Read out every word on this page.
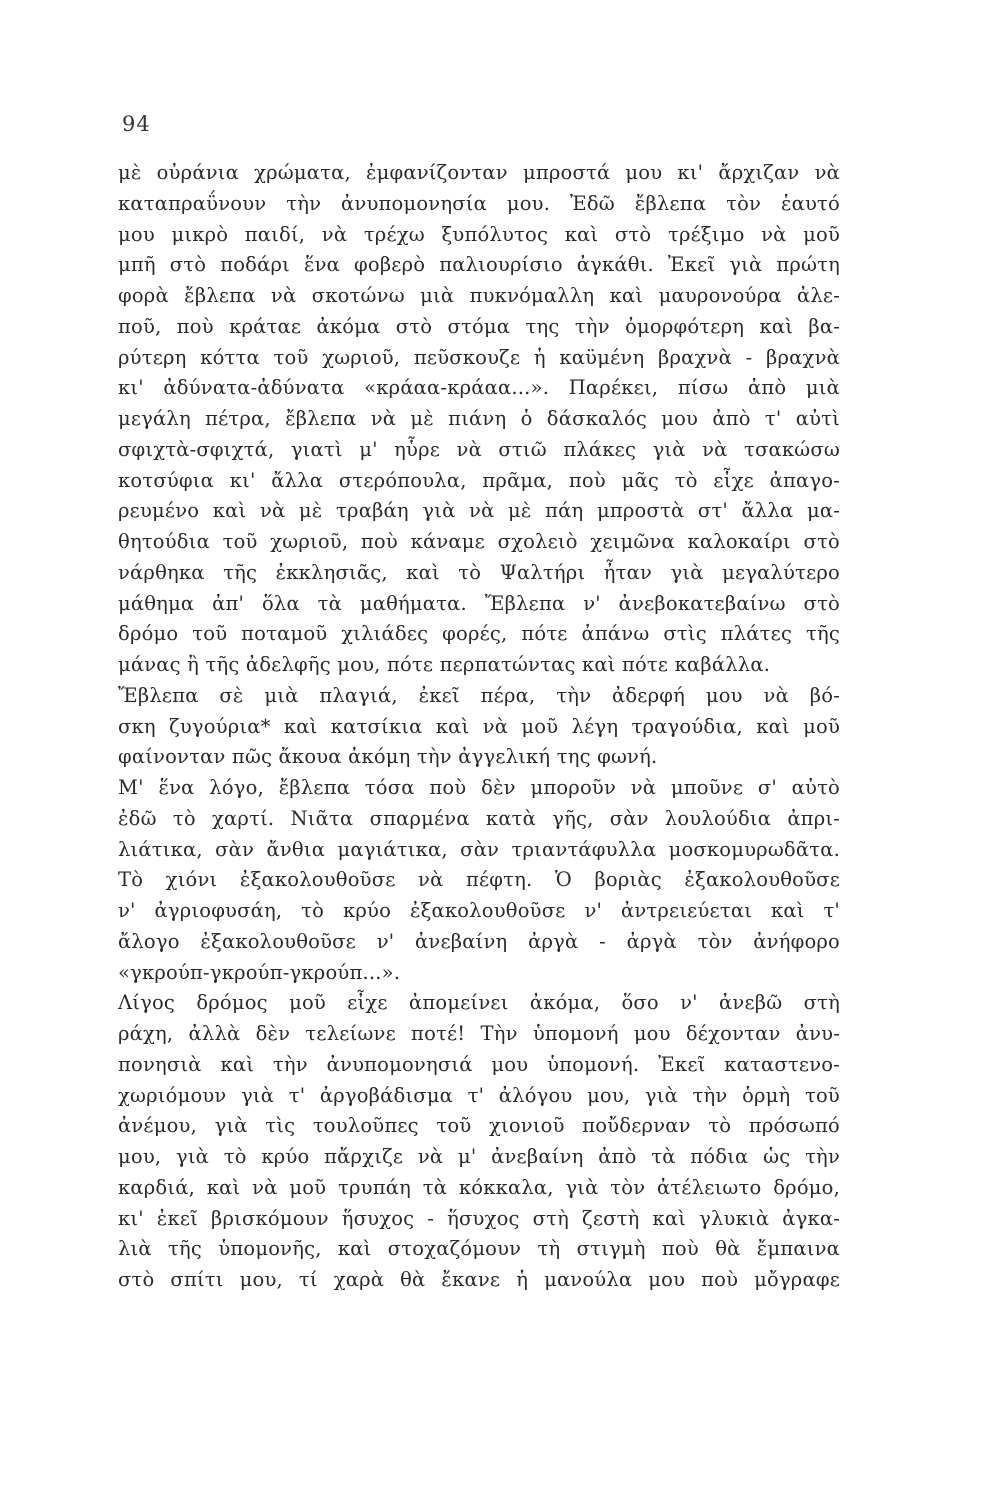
94
μὲ οὐράνια χρώματα, ἐμφανίζονταν μπροστά μου κι' ἄρχιζαν νὰ
καταπραΰνουν τὴν ἀνυπομονησία μου. Ἐδῶ ἔβλεπα τὸν ἑαυτό
μου μικρὸ παιδί, νὰ τρέχω ξυπόλυτος καὶ στὸ τρέξιμο νὰ μοῦ
μπῆ στὸ ποδάρι ἕνα φοβερὸ παλιουρίσιο ἀγκάθι. Ἐκεῖ γιὰ πρώτη
φορὰ ἔβλεπα νὰ σκοτώνω μιὰ πυκνόμαλλη καὶ μαυρονούρα ἀλε-
ποῦ, ποὺ κράταε ἀκόμα στὸ στόμα της τὴν ὀμορφότερη καὶ βα-
ρύτερη κόττα τοῦ χωριοῦ, πεῦσκουζε ἡ καϋμένη βραχνὰ - βραχνὰ
κι' ἀδύνατα-ἀδύνατα «κράαα-κράαα...». Παρέκει, πίσω ἀπὸ μιὰ
μεγάλη πέτρα, ἔβλεπα νὰ μὲ πιάνη ὁ δάσκαλός μου ἀπὸ τ' αὐτὶ
σφιχτὰ-σφιχτά, γιατὶ μ' ηὗρε νὰ στιῶ πλάκες γιὰ νὰ τσακώσω
κοτσύφια κι' ἄλλα στερόπουλα, πρᾶμα, ποὺ μᾶς τὸ εἶχε ἀπαγο-
ρευμένο καὶ νὰ μὲ τραβάη γιὰ νὰ μὲ πάη μπροστὰ στ' ἄλλα μα-
θητούδια τοῦ χωριοῦ, ποὺ κάναμε σχολειὸ χειμῶνα καλοκαίρι στὸ
νάρθηκα τῆς ἐκκλησιᾶς, καὶ τὸ Ψαλτήρι ἦταν γιὰ μεγαλύτερο
μάθημα ἀπ' ὅλα τὰ μαθήματα. Ἔβλεπα ν' ἀνεβοκατεβαίνω στὸ
δρόμο τοῦ ποταμοῦ χιλιάδες φορές, πότε ἀπάνω στὶς πλάτες τῆς
μάνας ἢ τῆς ἀδελφῆς μου, πότε περπατώντας καὶ πότε καβάλλα.
Ἔβλεπα σὲ μιὰ πλαγιά, ἐκεῖ πέρα, τὴν ἀδερφή μου νὰ βό-
σκη ζυγούρια* καὶ κατσίκια καὶ νὰ μοῦ λέγη τραγούδια, καὶ μοῦ
φαίνονταν πῶς ἄκουα ἀκόμη τὴν ἀγγελική της φωνή.
Μ' ἕνα λόγο, ἔβλεπα τόσα ποὺ δὲν μποροῦν νὰ μποῦνε σ' αὐτὸ
ἐδῶ τὸ χαρτί. Νιᾶτα σπαρμένα κατὰ γῆς, σὰν λουλούδια ἀπρι-
λιάτικα, σὰν ἄνθια μαγιάτικα, σὰν τριαντάφυλλα μοσκομυρωδᾶτα.
Τὸ χιόνι ἐξακολουθοῦσε νὰ πέφτη. Ὁ βοριὰς ἐξακολουθοῦσε
ν' ἀγριοφυσάη, τὸ κρύο ἐξακολουθοῦσε ν' ἀντρειεύεται καὶ τ'
ἄλογο ἐξακολουθοῦσε ν' ἀνεβαίνη ἀργὰ - ἀργὰ τὸν ἀνήφορο
«γκρούπ-γκρούπ-γκρούπ...».
Λίγος δρόμος μοῦ εἶχε ἀπομείνει ἀκόμα, ὅσο ν' ἀνεβῶ στὴ
ράχη, ἀλλὰ δὲν τελείωνε ποτέ! Τὴν ὑπομονή μου δέχονταν ἀνυ-
πονησιὰ καὶ τὴν ἀνυπομονησιά μου ὑπομονή. Ἐκεῖ καταστενο-
χωριόμουν γιὰ τ' ἀργοβάδισμα τ' ἀλόγου μου, γιὰ τὴν ὁρμὴ τοῦ
ἀνέμου, γιὰ τὶς τουλοῦπες τοῦ χιονιοῦ ποὔδερναν τὸ πρόσωπό
μου, γιὰ τὸ κρύο πἄρχιζε νὰ μ' ἀνεβαίνη ἀπὸ τὰ πόδια ὡς τὴν
καρδιά, καὶ νὰ μοῦ τρυπάη τὰ κόκκαλα, γιὰ τὸν ἀτέλειωτο δρόμο,
κι' ἐκεῖ βρισκόμουν ἥσυχος - ἥσυχος στὴ ζεστὴ καὶ γλυκιὰ ἀγκα-
λιὰ τῆς ὑπομονῆς, καὶ στοχαζόμουν τὴ στιγμὴ ποὺ θὰ ἔμπαινα
στὸ σπίτι μου, τί χαρὰ θὰ ἔκανε ἡ μανούλα μου ποὺ μὄγραφε
